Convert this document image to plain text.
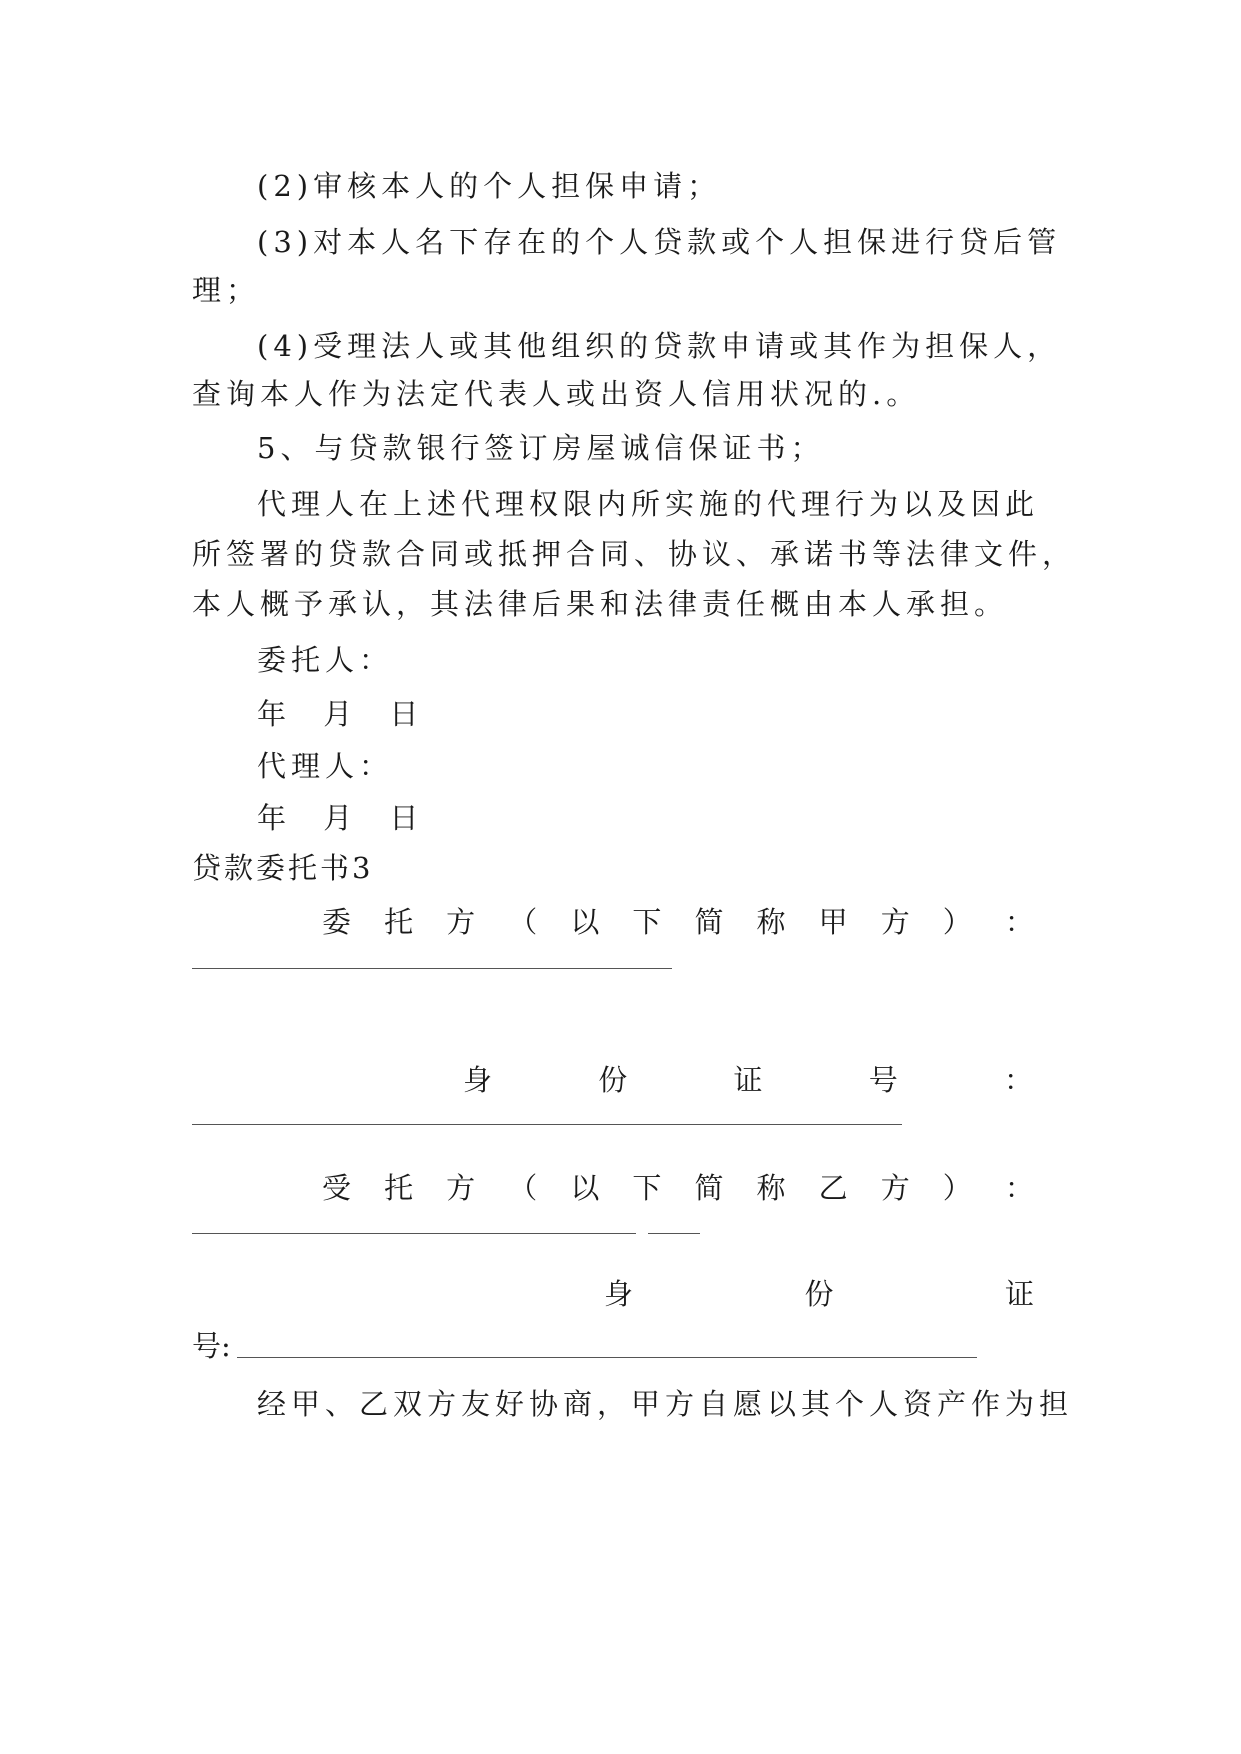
(2)审核本人的个人担保申请；
(3)对本人名下存在的个人贷款或个人担保进行贷后管
理；
(4)受理法人或其他组织的贷款申请或其作为担保人，
查询本人作为法定代表人或出资人信用状况的.。
5、与贷款银行签订房屋诚信保证书；
代理人在上述代理权限内所实施的代理行为以及因此
所签署的贷款合同或抵押合同、协议、承诺书等法律文件，
本人概予承认，其法律后果和法律责任概由本人承担。
委托人：
年 月 日
代理人：
年 月 日
贷款委托书3
委 托 方 （ 以 下 简 称 甲 方 ） ：
身	份	证	号	：
受 托 方 （ 以 下 简 称 乙 方 ） ：
身	份	证
号:
经甲、乙双方友好协商，甲方自愿以其个人资产作为担
